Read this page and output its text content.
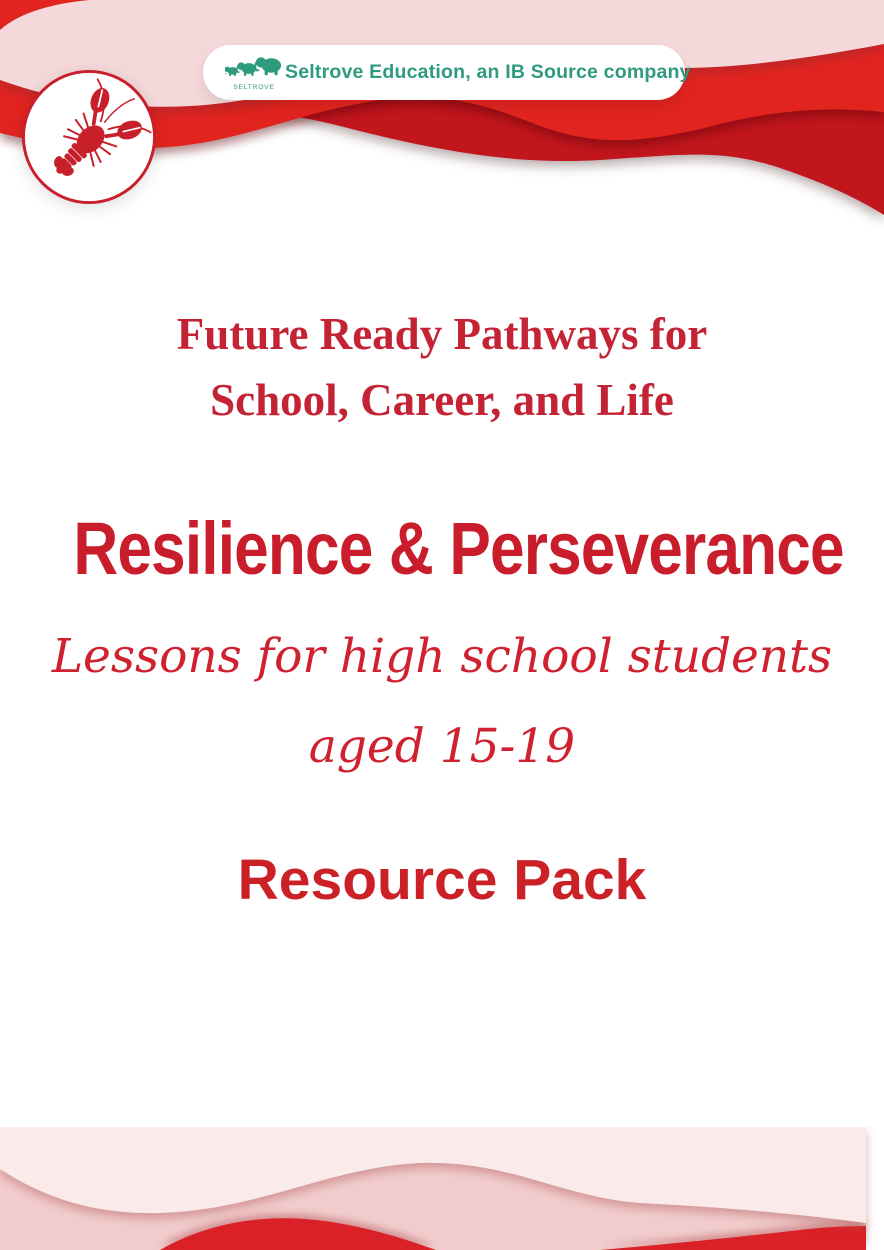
SELTROVE
Seltrove Education, an IB Source company
Future Ready Pathways for
School, Career, and Life
Resilience & Perseverance
Lessons for high school students
aged 15-19
Resource Pack
